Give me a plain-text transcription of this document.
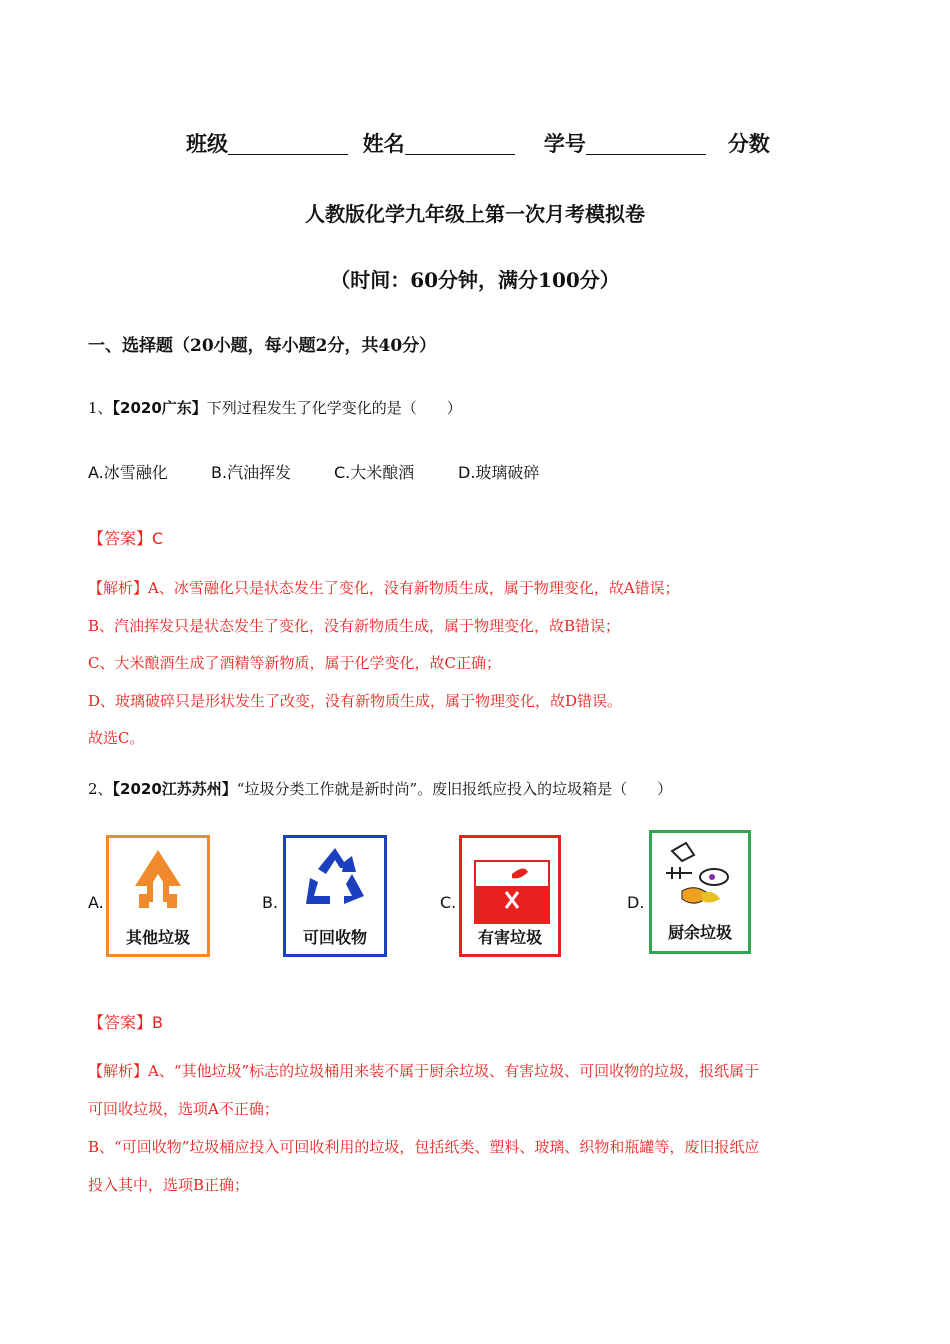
班级	姓名	学号	分数
人教版化学九年级上第一次月考模拟卷
（时间：60分钟，满分100分）
一、选择题（20小题，每小题2分，共40分）
1、【2020广东】下列过程发生了化学变化的是（　　）
A.冰雪融化	B.汽油挥发	C.大米酿酒	D.玻璃破碎
【答案】C
【解析】A、冰雪融化只是状态发生了变化，没有新物质生成，属于物理变化，故A错误；
B、汽油挥发只是状态发生了变化，没有新物质生成，属于物理变化，故B错误；
C、大米酿酒生成了酒精等新物质，属于化学变化，故C正确；
D、玻璃破碎只是形状发生了改变，没有新物质生成，属于物理变化，故D错误。
故选C。
2、【2020江苏苏州】“垃圾分类工作就是新时尚”。废旧报纸应投入的垃圾箱是（　　）
A.
其他垃圾
B.
可回收物
C.
有害垃圾
D.
厨余垃圾
【答案】B
【解析】A、“其他垃圾”标志的垃圾桶用来装不属于厨余垃圾、有害垃圾、可回收物的垃圾，报纸属于
可回收垃圾，选项A不正确；
B、“可回收物”垃圾桶应投入可回收利用的垃圾，包括纸类、塑料、玻璃、织物和瓶罐等，废旧报纸应
投入其中，选项B正确；
